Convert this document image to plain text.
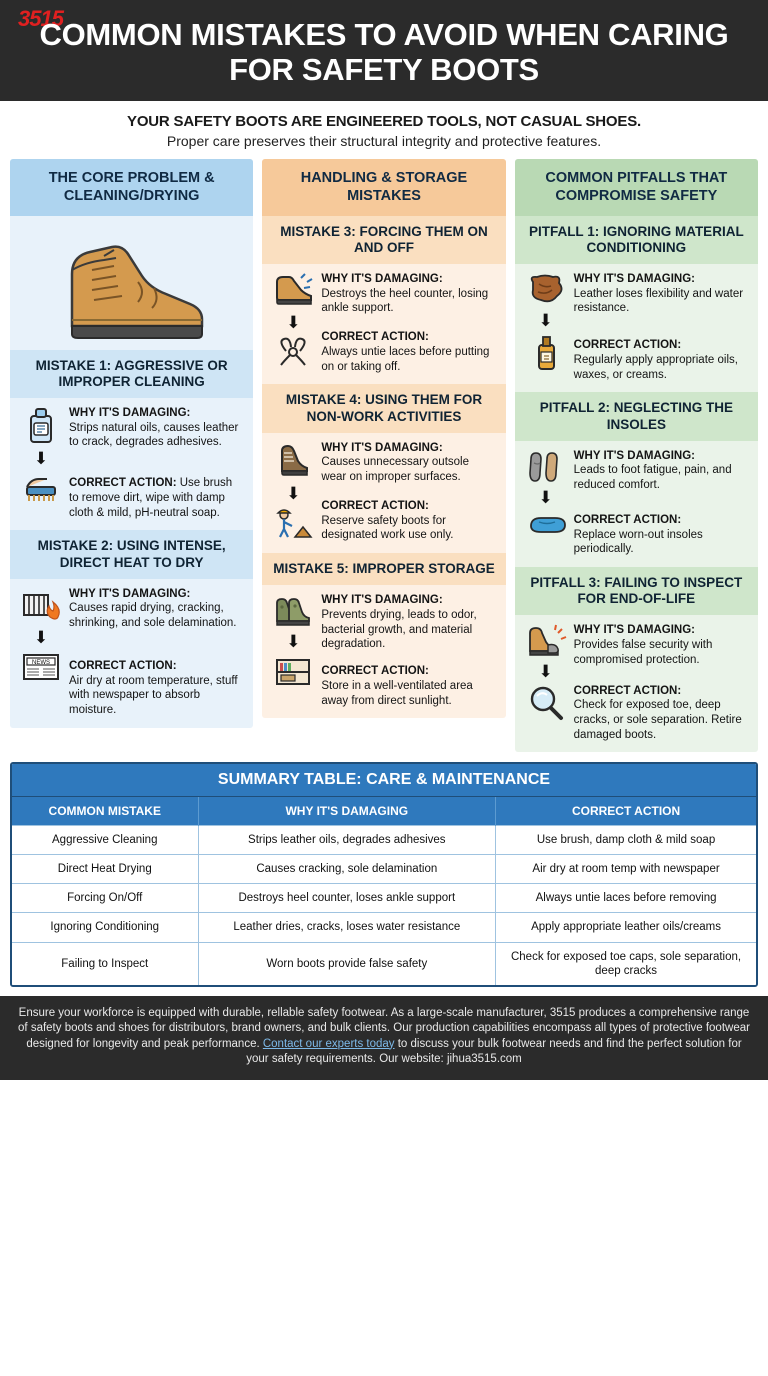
3515
COMMON MISTAKES TO AVOID WHEN CARING FOR SAFETY BOOTS
YOUR SAFETY BOOTS ARE ENGINEERED TOOLS, NOT CASUAL SHOES.
Proper care preserves their structural integrity and protective features.
THE CORE PROBLEM & CLEANING/DRYING
MISTAKE 1: AGGRESSIVE OR IMPROPER CLEANING
⬇
WHY IT'S DAMAGING:
Strips natural oils, causes leather to crack, degrades adhesives.
CORRECT ACTION: Use brush to remove dirt, wipe with damp cloth & mild, pH-neutral soap.
MISTAKE 2: USING INTENSE, DIRECT HEAT TO DRY
⬇
NEWS
WHY IT'S DAMAGING:
Causes rapid drying, cracking, shrinking, and sole delamination.
CORRECT ACTION:
Air dry at room temperature, stuff with newspaper to absorb moisture.
HANDLING & STORAGE MISTAKES
MISTAKE 3: FORCING THEM ON AND OFF
⬇
WHY IT'S DAMAGING:
Destroys the heel counter, losing ankle support.
CORRECT ACTION:
Always untie laces before putting on or taking off.
MISTAKE 4: USING THEM FOR NON-WORK ACTIVITIES
⬇
WHY IT'S DAMAGING:
Causes unnecessary outsole wear on improper surfaces.
CORRECT ACTION:
Reserve safety boots for designated work use only.
MISTAKE 5: IMPROPER STORAGE
⬇
WHY IT'S DAMAGING:
Prevents drying, leads to odor, bacterial growth, and material degradation.
CORRECT ACTION:
Store in a well-ventilated area away from direct sunlight.
COMMON PITFALLS THAT COMPROMISE SAFETY
PITFALL 1: IGNORING MATERIAL CONDITIONING
⬇
WHY IT'S DAMAGING:
Leather loses flexibility and water resistance.
CORRECT ACTION:
Regularly apply appropriate oils, waxes, or creams.
PITFALL 2: NEGLECTING THE INSOLES
⬇
WHY IT'S DAMAGING:
Leads to foot fatigue, pain, and reduced comfort.
CORRECT ACTION:
Replace worn-out insoles periodically.
PITFALL 3: FAILING TO INSPECT FOR END-OF-LIFE
⬇
WHY IT'S DAMAGING:
Provides false security with compromised protection.
CORRECT ACTION:
Check for exposed toe, deep cracks, or sole separation. Retire damaged boots.
SUMMARY TABLE: CARE & MAINTENANCE
COMMON MISTAKE	WHY IT'S DAMAGING	CORRECT ACTION
Aggressive Cleaning	Strips leather oils, degrades adhesives	Use brush, damp cloth & mild soap
Direct Heat Drying	Causes cracking, sole delamination	Air dry at room temp with newspaper
Forcing On/Off	Destroys heel counter, loses ankle support	Always untie laces before removing
Ignoring Conditioning	Leather dries, cracks, loses water resistance	Apply appropriate leather oils/creams
Failing to Inspect	Worn boots provide false safety	Check for exposed toe caps, sole separation, deep cracks
Ensure your workforce is equipped with durable, rellable safety footwear. As a large-scale manufacturer, 3515 produces a comprehensive range of safety boots and shoes for distributors, brand owners, and bulk clients. Our production capabilities encompass all types of protective footwear designed for longevity and peak performance. Contact our experts today to discuss your bulk footwear needs and find the perfect solution for your safety requirements. Our website: jihua3515.com
